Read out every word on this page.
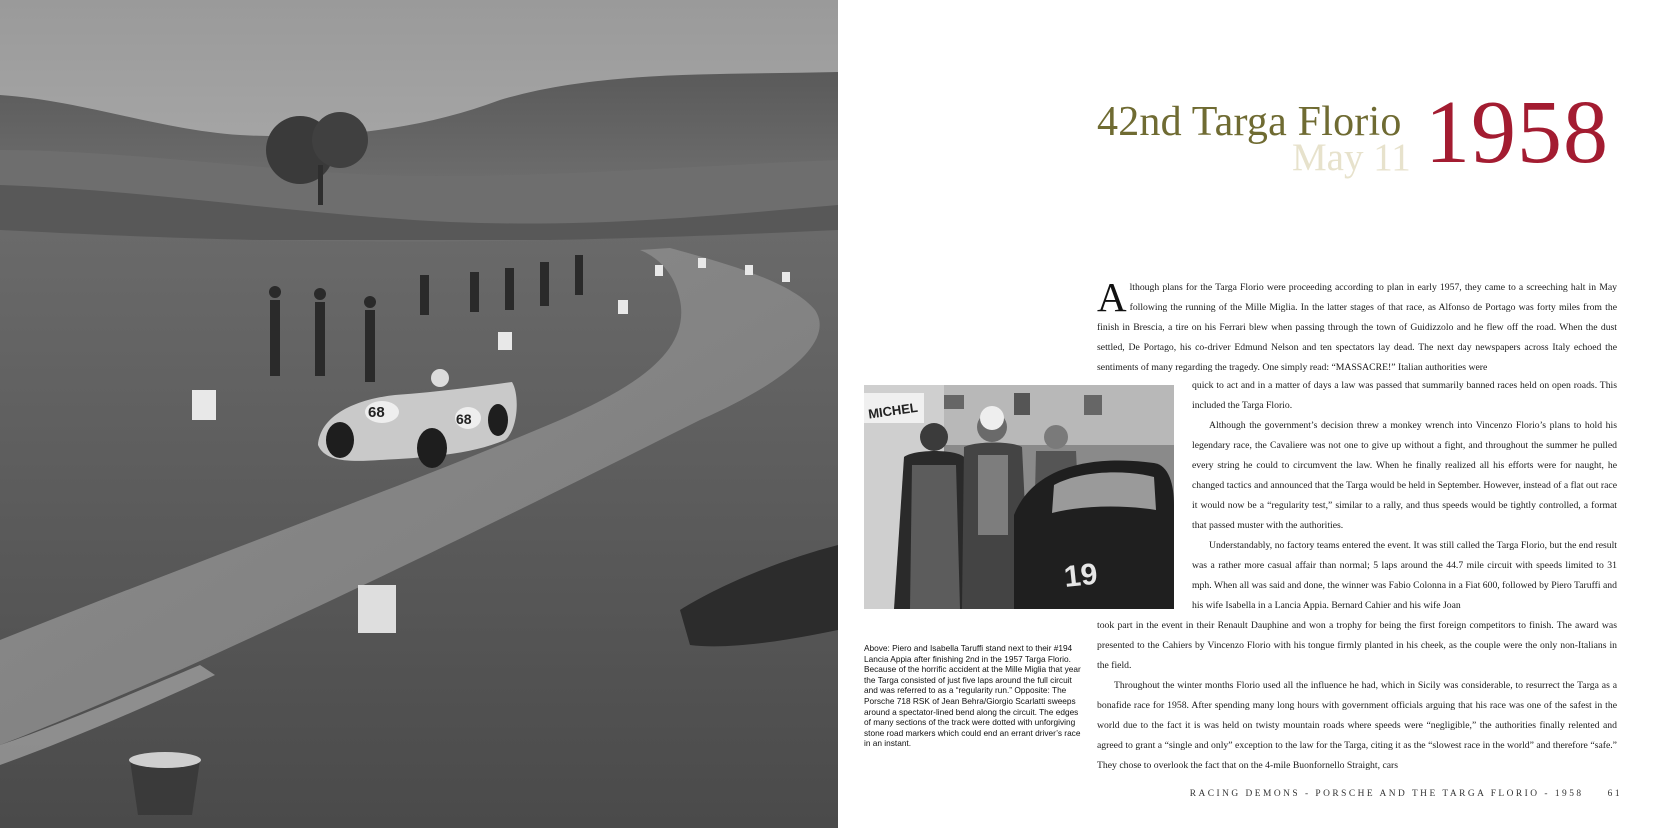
68	68
42nd Targa Florio
May 11 1958
MICHEL
19
Above: Piero and Isabella Taruffi stand next to their #194 Lancia Appia after finishing 2nd in the 1957 Targa Florio. Because of the horrific accident at the Mille Miglia that year the Targa consisted of just five laps around the full circuit and was referred to as a “regularity run.” Opposite: The Porsche 718 RSK of Jean Behra/Giorgio Scarlatti sweeps around a spectator-lined bend along the circuit. The edges of many sections of the track were dotted with unforgiving stone road markers which could end an errant driver’s race in an instant.

Although plans for the Targa Florio were proceeding according to plan in early 1957, they came to a screeching halt in May following the running of the Mille Miglia. In the latter stages of that race, as Alfonso de Portago was forty miles from the finish in Brescia, a tire on his Ferrari blew when passing through the town of Guidizzolo and he flew off the road. When the dust settled, De Portago, his co-driver Edmund Nelson and ten spectators lay dead. The next day newspapers across Italy echoed the sentiments of many regarding the tragedy. One simply read: “MASSACRE!” Italian authorities were

quick to act and in a matter of days a law was passed that summarily banned races held on open roads. This included the Targa Florio.

Although the government’s decision threw a monkey wrench into Vincenzo Florio’s plans to hold his legendary race, the Cavaliere was not one to give up without a fight, and throughout the summer he pulled every string he could to circumvent the law. When he finally realized all his efforts were for naught, he changed tactics and announced that the Targa would be held in September. However, instead of a flat out race it would now be a “regularity test,” similar to a rally, and thus speeds would be tightly controlled, a format that passed muster with the authorities.

Understandably, no factory teams entered the event. It was still called the Targa Florio, but the end result was a rather more casual affair than normal; 5 laps around the 44.7 mile circuit with speeds limited to 31 mph. When all was said and done, the winner was Fabio Colonna in a Fiat 600, followed by Piero Taruffi and his wife Isabella in a Lancia Appia. Bernard Cahier and his wife Joan

took part in the event in their Renault Dauphine and won a trophy for being the first foreign competitors to finish. The award was presented to the Cahiers by Vincenzo Florio with his tongue firmly planted in his cheek, as the couple were the only non-Italians in the field.

Throughout the winter months Florio used all the influence he had, which in Sicily was considerable, to resurrect the Targa as a bonafide race for 1958. After spending many long hours with government officials arguing that his race was one of the safest in the world due to the fact it is was held on twisty mountain roads where speeds were “negligible,” the authorities finally relented and agreed to grant a “single and only” exception to the law for the Targa, citing it as the “slowest race in the world” and therefore “safe.” They chose to overlook the fact that on the 4-mile Buonfornello Straight, cars

RACING DEMONS - PORSCHE AND THE TARGA FLORIO - 1958	61
